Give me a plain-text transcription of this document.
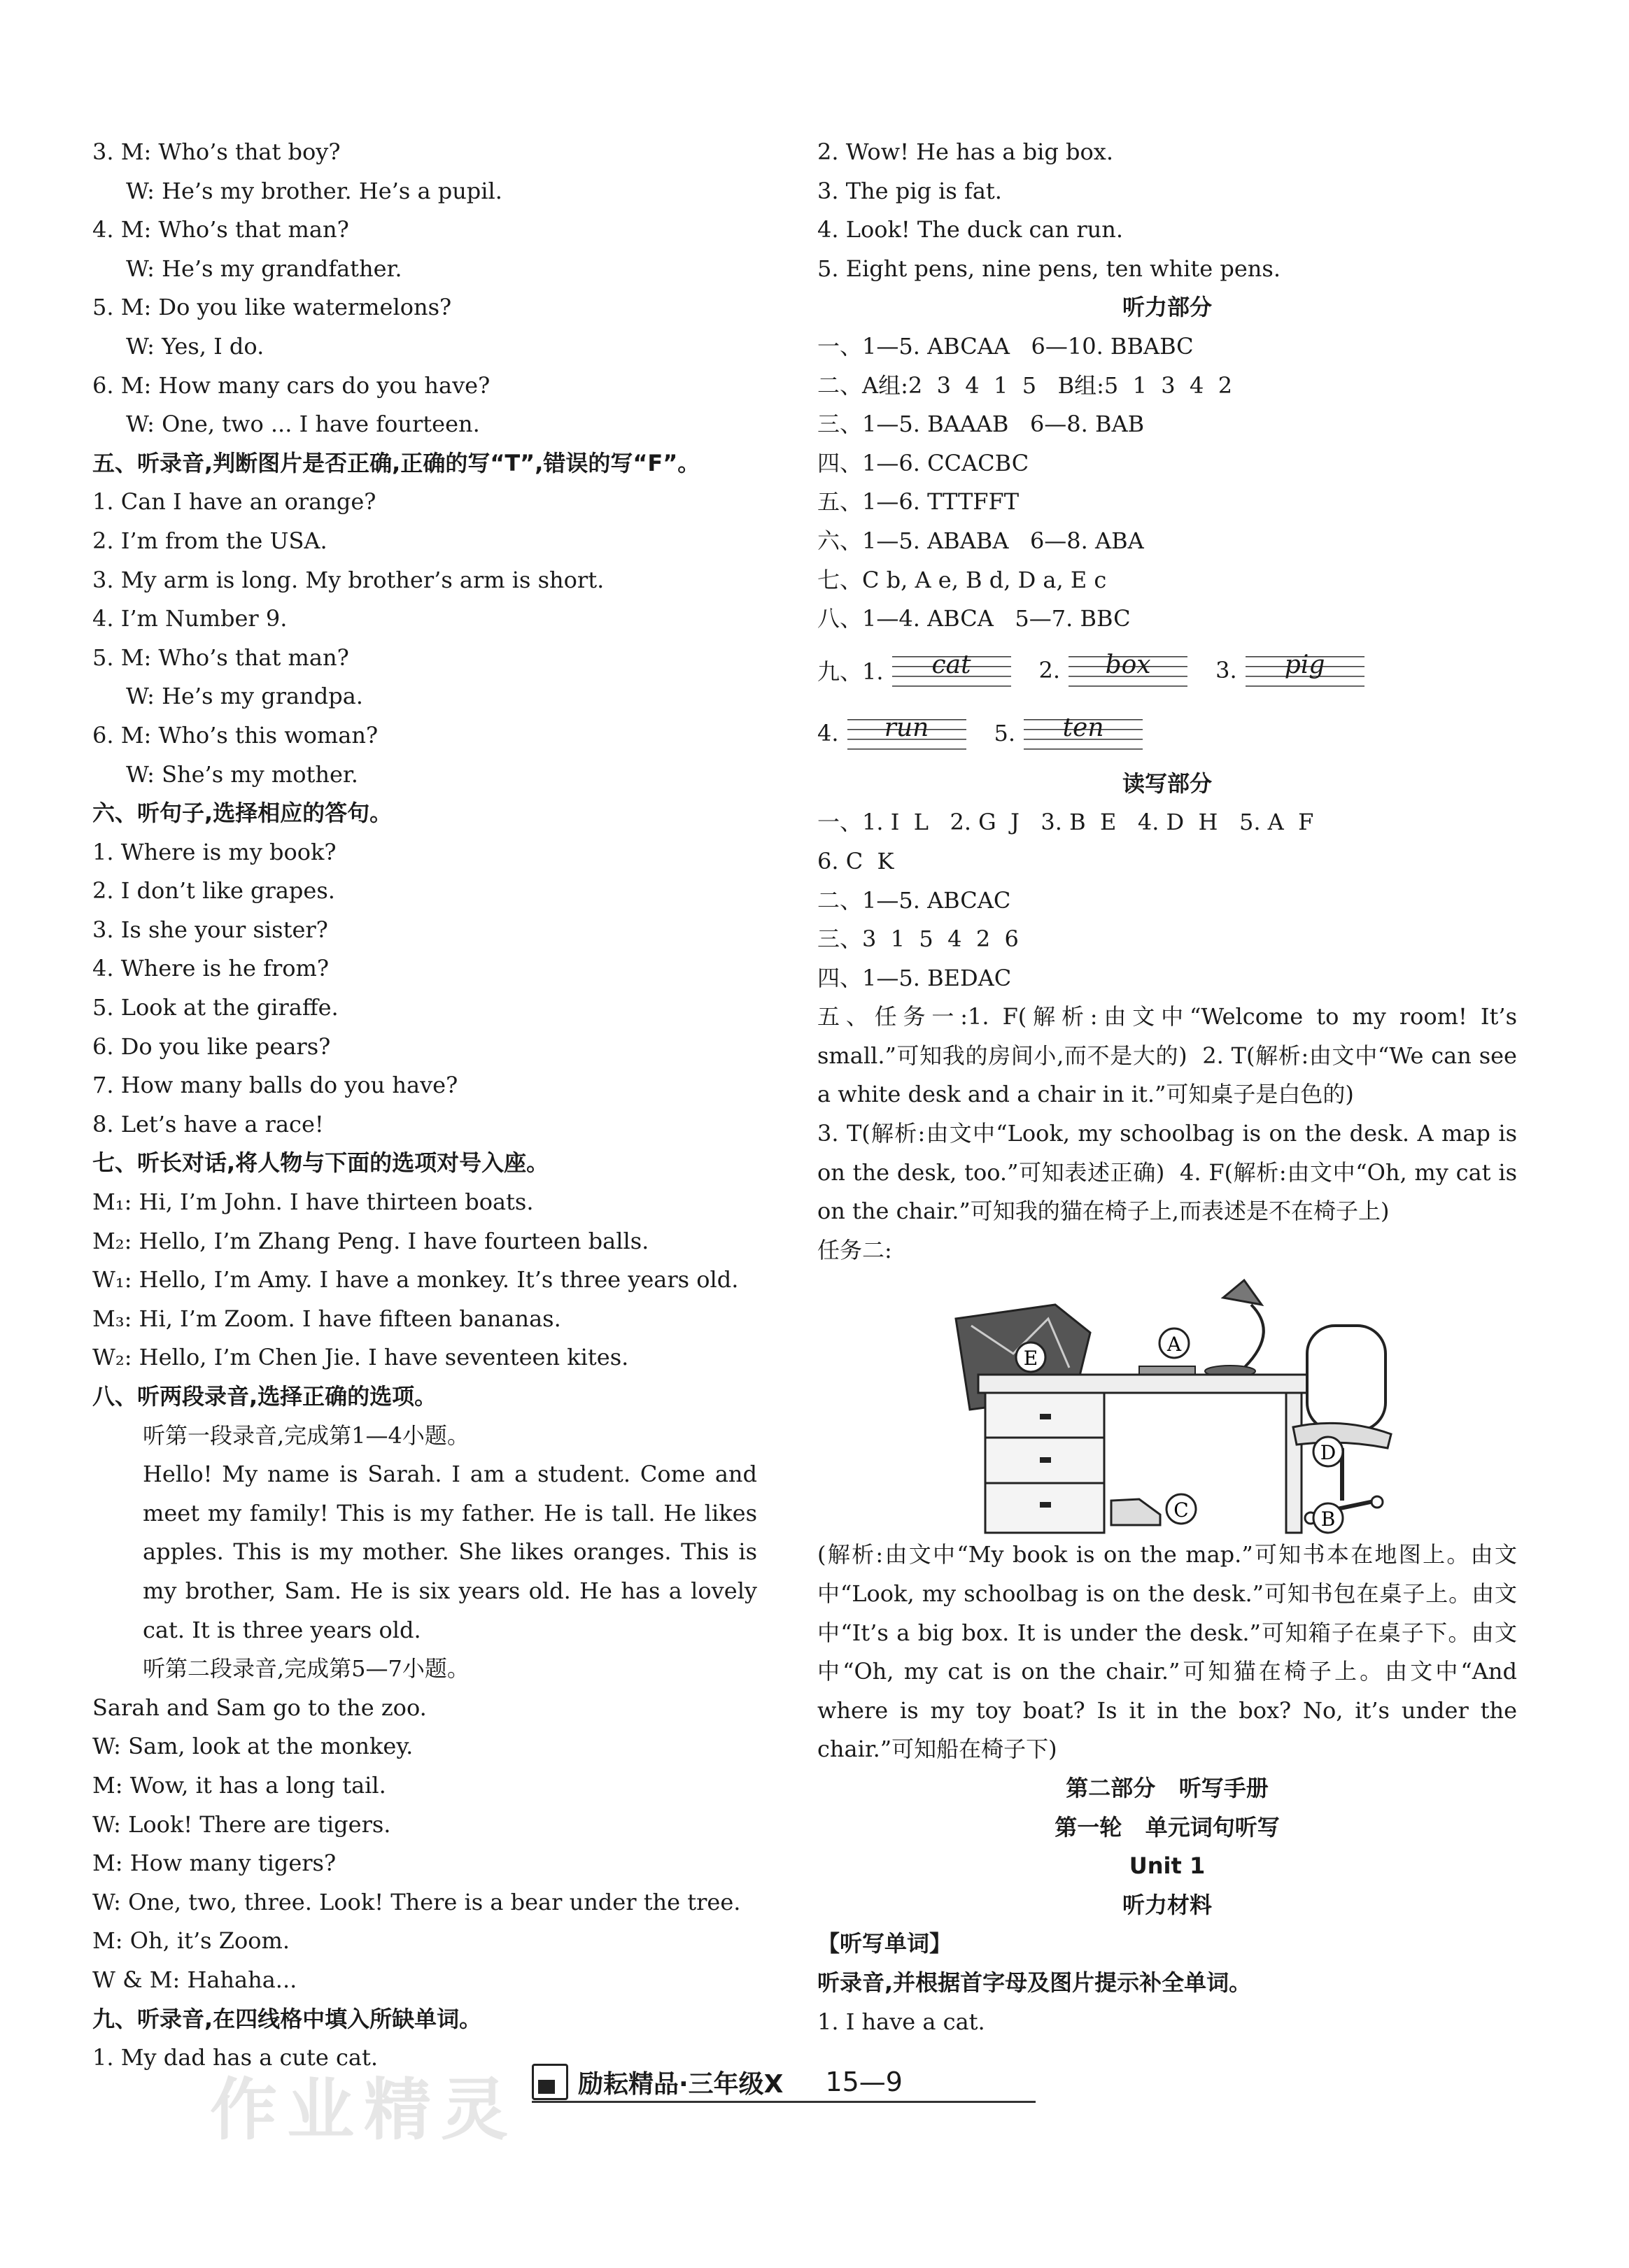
3. M: Who’s that boy?
W: He’s my brother. He’s a pupil.
4. M: Who’s that man?
W: He’s my grandfather.
5. M: Do you like watermelons?
W: Yes, I do.
6. M: How many cars do you have?
W: One, two ... I have fourteen.
五、听录音,判断图片是否正确,正确的写“T”,错误的写“F”。
1. Can I have an orange?
2. I’m from the USA.
3. My arm is long. My brother’s arm is short.
4. I’m Number 9.
5. M: Who’s that man?
W: He’s my grandpa.
6. M: Who’s this woman?
W: She’s my mother.
六、听句子,选择相应的答句。
1. Where is my book?
2. I don’t like grapes.
3. Is she your sister?
4. Where is he from?
5. Look at the giraffe.
6. Do you like pears?
7. How many balls do you have?
8. Let’s have a race!
七、听长对话,将人物与下面的选项对号入座。
M₁: Hi, I’m John. I have thirteen boats.
M₂: Hello, I’m Zhang Peng. I have fourteen balls.
W₁: Hello, I’m Amy. I have a monkey. It’s three years old.
M₃: Hi, I’m Zoom. I have fifteen bananas.
W₂: Hello, I’m Chen Jie. I have seventeen kites.
八、听两段录音,选择正确的选项。
听第一段录音,完成第1—4小题。
Hello! My name is Sarah. I am a student. Come and meet my family! This is my father. He is tall. He likes apples. This is my mother. She likes oranges. This is my brother, Sam. He is six years old. He has a lovely cat. It is three years old.
听第二段录音,完成第5—7小题。
Sarah and Sam go to the zoo.
W: Sam, look at the monkey.
M: Wow, it has a long tail.
W: Look! There are tigers.
M: How many tigers?
W: One, two, three. Look! There is a bear under the tree.
M: Oh, it’s Zoom.
W & M: Hahaha...
九、听录音,在四线格中填入所缺单词。
1. My dad has a cute cat.
2. Wow! He has a big box.
3. The pig is fat.
4. Look! The duck can run.
5. Eight pens, nine pens, ten white pens.
听力部分
一、1—5. ABCAA   6—10. BBABC
二、A组:2  3  4  1  5   B组:5  1  3  4  2
三、1—5. BAAAB   6—8. BAB
四、1—6. CCACBC
五、1—6. TTTFFT
六、1—5. ABABA   6—8. ABA
七、C b, A e, B d, D a, E c
八、1—4. ABCA   5—7. BBC
九、1.	cat	2.	box	3.	pig
4.	run	5.	ten
读写部分
一、1. I  L   2. G  J   3. B  E   4. D  H   5. A  F
6. C  K
二、1—5. ABCAC
三、3  1  5  4  2  6
四、1—5. BEDAC
五、任务一:1. F(解析:由文中“Welcome to my room! It’s small.”可知我的房间小,而不是大的)  2. T(解析:由文中“We can see a white desk and a chair in it.”可知桌子是白色的)
3. T(解析:由文中“Look, my schoolbag is on the desk. A map is on the desk, too.”可知表述正确)  4. F(解析:由文中“Oh, my cat is on the chair.”可知我的猫在椅子上,而表述是不在椅子上)
任务二:
A
B
C
D
E
(解析:由文中“My book is on the map.”可知书本在地图上。由文中“Look, my schoolbag is on the desk.”可知书包在桌子上。由文中“It’s a big box. It is under the desk.”可知箱子在桌子下。由文中“Oh, my cat is on the chair.”可知猫在椅子上。由文中“And where is my toy boat? Is it in the box? No, it’s under the chair.”可知船在椅子下)
第二部分   听写手册
第一轮   单元词句听写
Unit 1
听力材料
【听写单词】
听录音,并根据首字母及图片提示补全单词。
1. I have a cat.
作业精灵 励耘精品·三年级X 15—9
